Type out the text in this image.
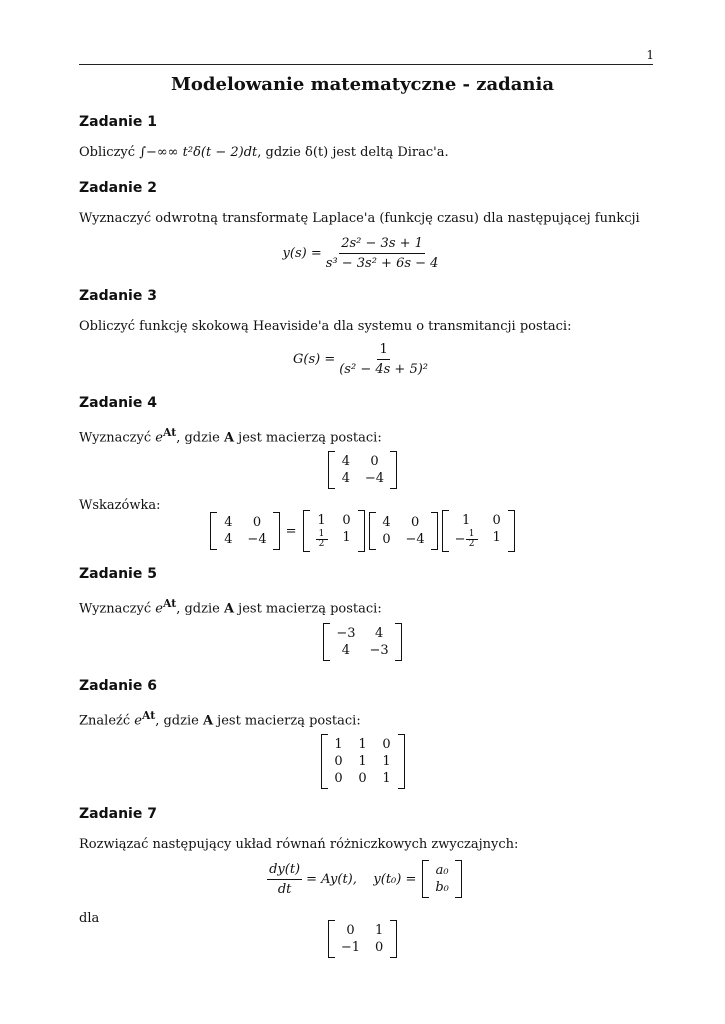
1
Modelowanie matematyczne - zadania
Zadanie 1
Obliczyć ∫−∞∞ t²δ(t − 2)dt, gdzie δ(t) jest deltą Dirac'a.
Zadanie 2
Wyznaczyć odwrotną transformatę Laplace'a (funkcję czasu) dla następującej funkcji
$y(s) = \frac{\text{2s² − 3s + 1}}{\text{s³ − 3s² + 6s − 4}}$
Zadanie 3
Obliczyć funkcję skokową Heaviside'a dla systemu o transmitancji postaci:
$G(s) = \frac{1}{\text{(s² − 4s + 5)²}}$
Zadanie 4
Wyznaczyć $e^{At}$, gdzie A jest macierzą postaci:
4	0
4 −4
Wskazówka:
4	0
4 −4
=
1 0
$\frac{1}{2} 1$
4	0
0 −4
1	0
− $\frac{1}{2} 1$
Zadanie 5
Wyznaczyć $e^{At}$, gdzie A jest macierzą postaci:
−3	4
4	−3
Zadanie 6
Znaleźć $e^{At}$, gdzie A jest macierzą postaci:
1 1 0
0 1 1
0 0 1
Zadanie 7
Rozwiązać następujący układ równań różniczkowych zwyczajnych:
$\frac{dy(t)}{dt} = Ay(t)$,    y(t₀) =
a₀
b₀
dla
0	1
−1 0
